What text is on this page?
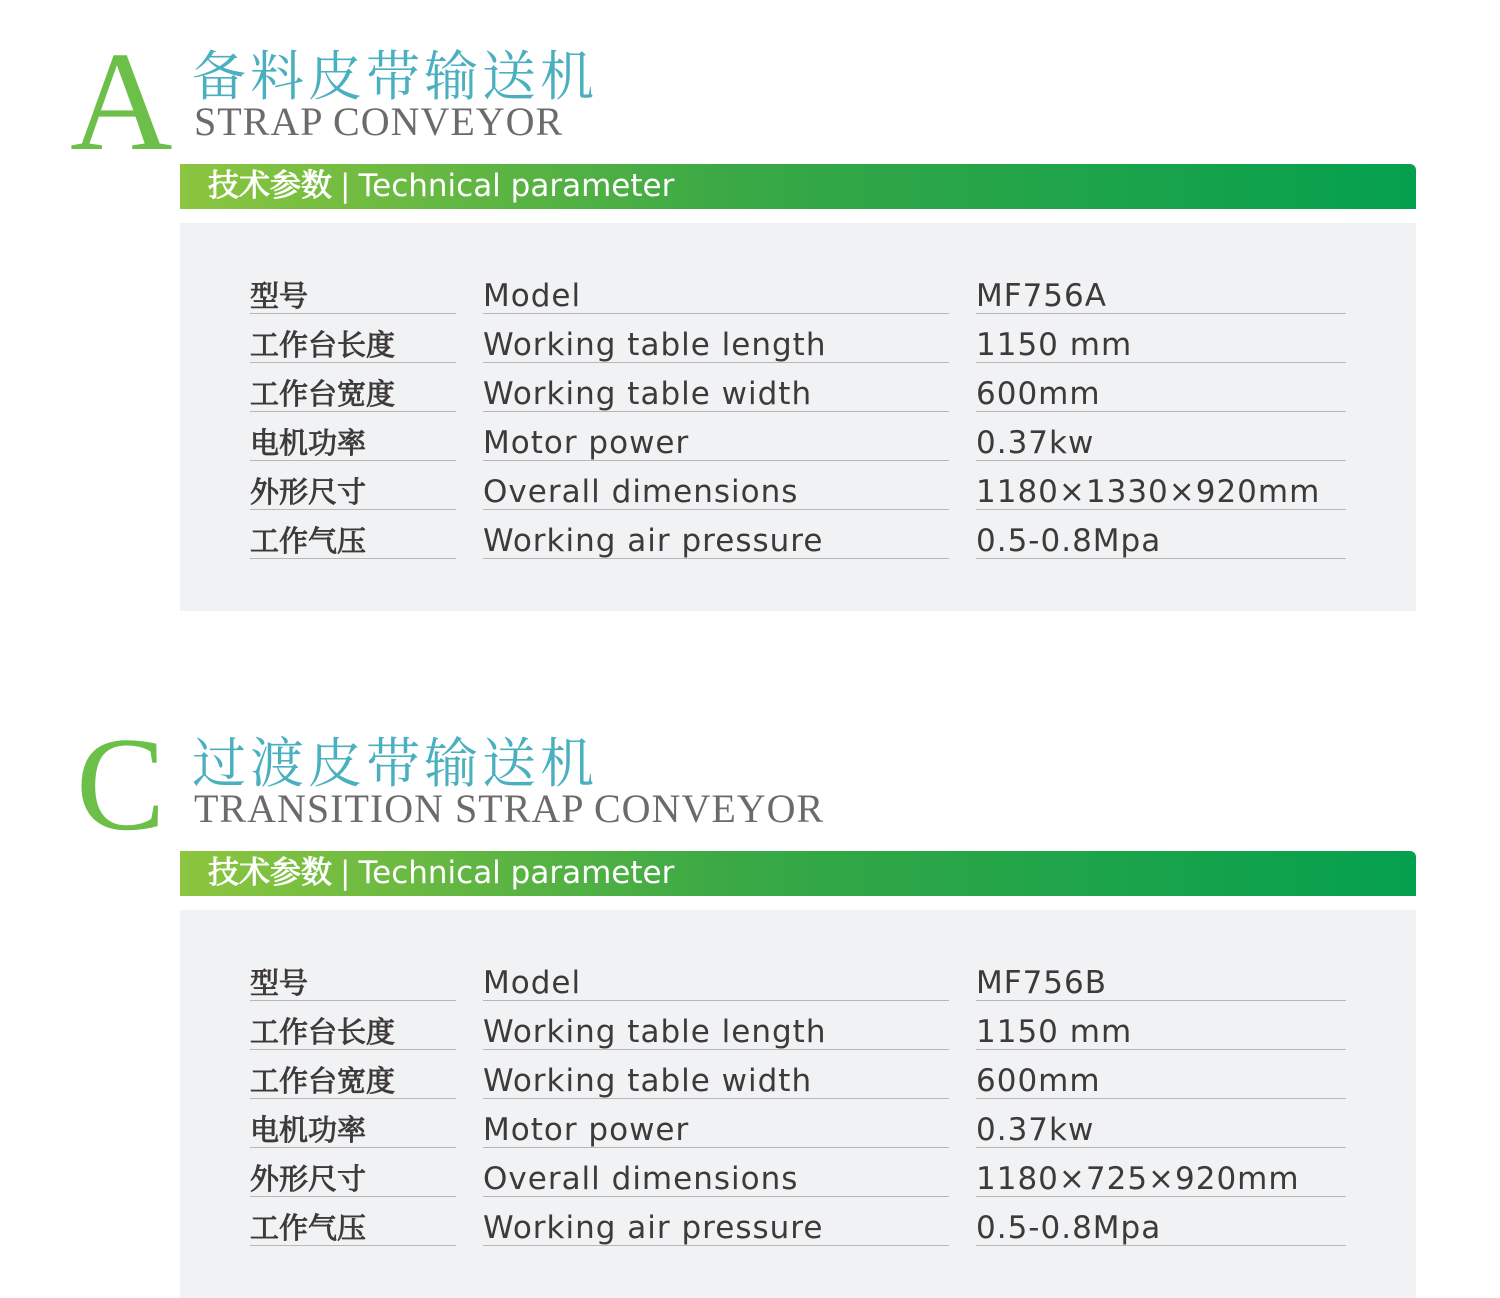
A 备料皮带输送机
STRAP CONVEYOR
技术参数 | Technical parameter
型号	Model	MF756A
工作台长度	Working table length	1150 mm
工作台宽度	Working table width	600mm
电机功率	Motor power	0.37kw
外形尺寸	Overall dimensions	1180×1330×920mm
工作气压	Working air pressure	0.5-0.8Mpa
C 过渡皮带输送机
TRANSITION STRAP CONVEYOR
技术参数 | Technical parameter
型号	Model	MF756B
工作台长度	Working table length	1150 mm
工作台宽度	Working table width	600mm
电机功率	Motor power	0.37kw
外形尺寸	Overall dimensions	1180×725×920mm
工作气压	Working air pressure	0.5-0.8Mpa
